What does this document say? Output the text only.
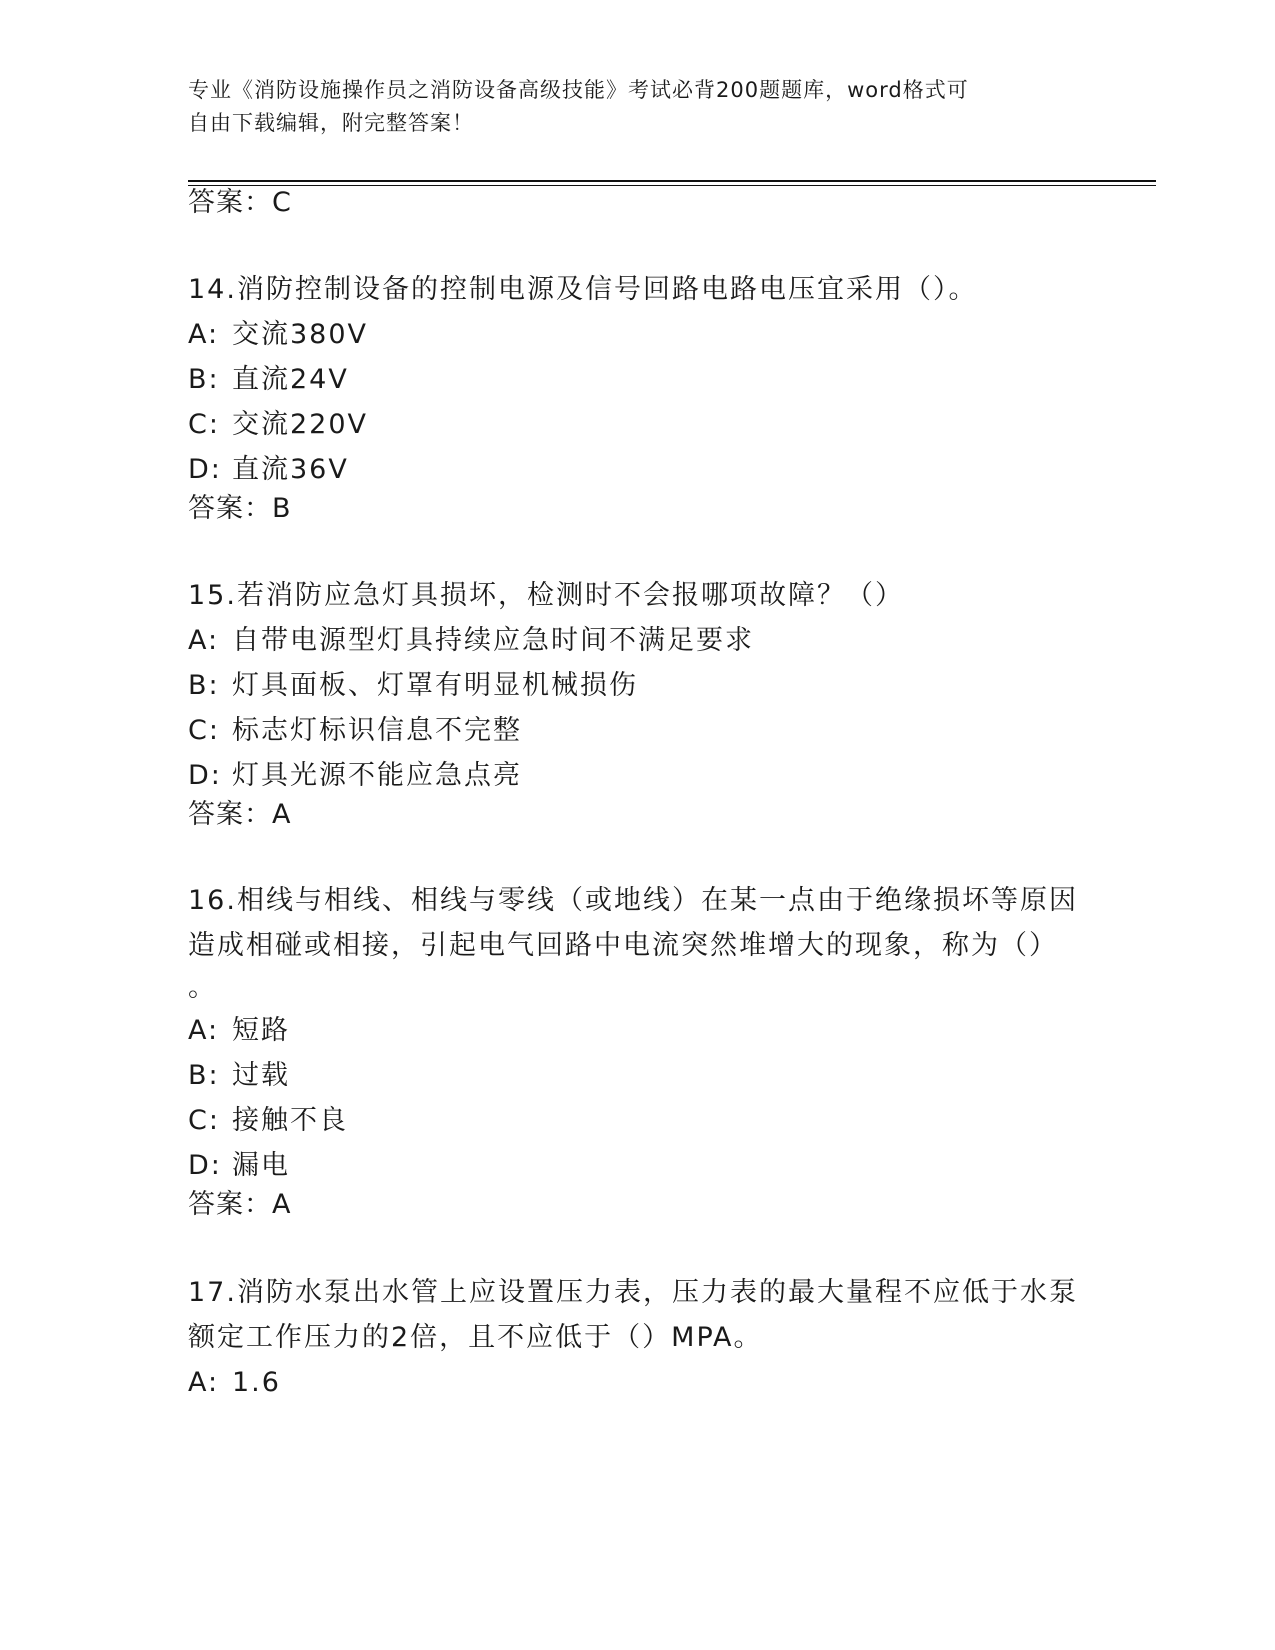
专业《消防设施操作员之消防设备高级技能》考试必背200题题库，word格式可
自由下载编辑，附完整答案！
答案：C
14.消防控制设备的控制电源及信号回路电路电压宜采用（）。
A: 交流380V
B: 直流24V
C: 交流220V
D: 直流36V
答案：B
15.若消防应急灯具损坏，检测时不会报哪项故障？（）
A: 自带电源型灯具持续应急时间不满足要求
B: 灯具面板、灯罩有明显机械损伤
C: 标志灯标识信息不完整
D: 灯具光源不能应急点亮
答案：A
16.相线与相线、相线与零线（或地线）在某一点由于绝缘损坏等原因
造成相碰或相接，引起电气回路中电流突然堆增大的现象，称为（）
。
A: 短路
B: 过载
C: 接触不良
D: 漏电
答案：A
17.消防水泵出水管上应设置压力表，压力表的最大量程不应低于水泵
额定工作压力的2倍，且不应低于（）MPA。
A: 1.6
